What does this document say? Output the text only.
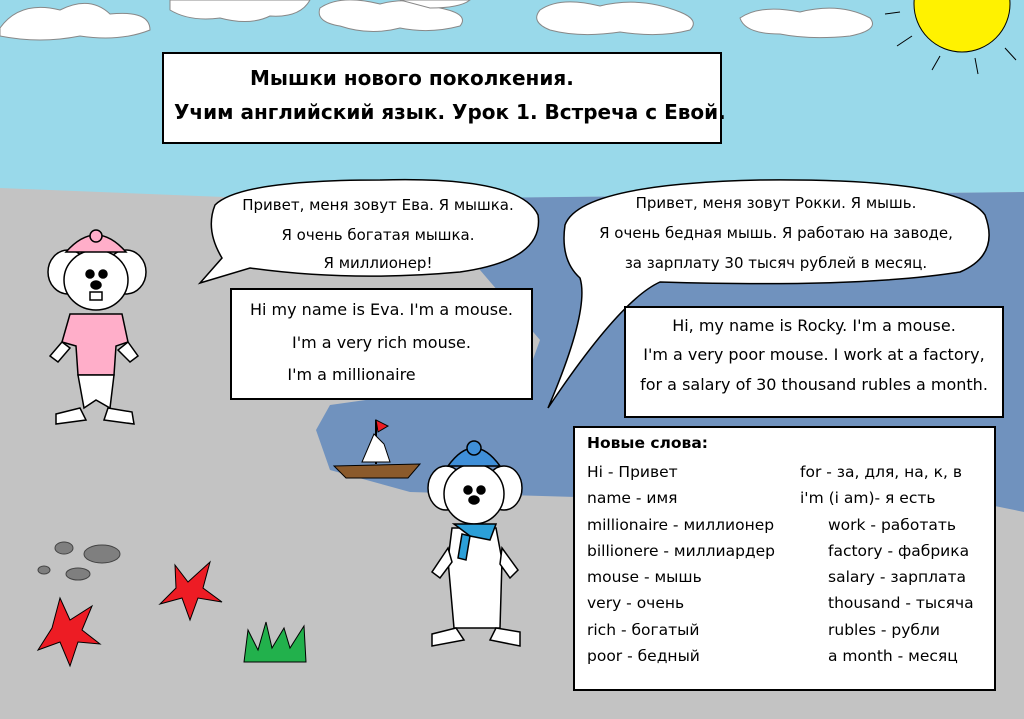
Мышки нового поколкения.
Учим английский язык. Урок 1. Встреча с Евой.
Привет, меня зовут Ева. Я мышка.
Я очень богатая мышка.
Я миллионер!
Привет, меня зовут Рокки. Я мышь.
Я очень бедная мышь. Я работаю на заводе,
за зарплату 30 тысяч рублей в месяц.
Hi my name is Eva. I'm a mouse.
I'm a very rich mouse.
I'm a millionaire
Hi, my name is Rocky. I'm a mouse.
I'm a very poor mouse. I work at a factory,
for a salary of 30 thousand rubles a month.
Новые слова:
Hi - Привет
name - имя
millionaire - миллионер
billionere - миллиардер
mouse - мышь
very - очень
rich - богатый
poor - бедный
for - за, для, на, к, в
i'm (i am)- я есть
work - работать
factory - фабрика
salary - зарплата
thousand - тысяча
rubles - рубли
a month - месяц
